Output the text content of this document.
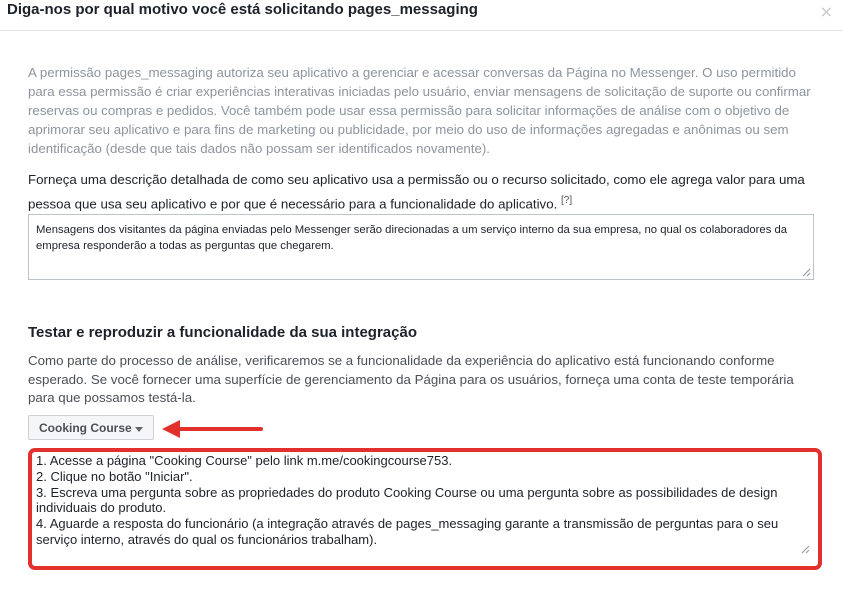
Diga-nos por qual motivo você está solicitando pages_messaging	×
A permissão pages_messaging autoriza seu aplicativo a gerenciar e acessar conversas da Página no Messenger. O uso permitido para essa permissão é criar experiências interativas iniciadas pelo usuário, enviar mensagens de solicitação de suporte ou confirmar reservas ou compras e pedidos. Você também pode usar essa permissão para solicitar informações de análise com o objetivo de aprimorar seu aplicativo e para fins de marketing ou publicidade, por meio do uso de informações agregadas e anônimas ou sem identificação (desde que tais dados não possam ser identificados novamente).
Forneça uma descrição detalhada de como seu aplicativo usa a permissão ou o recurso solicitado, como ele agrega valor para uma pessoa que usa seu aplicativo e por que é necessário para a funcionalidade do aplicativo. [?]
Mensagens dos visitantes da página enviadas pelo Messenger serão direcionadas a um serviço interno da sua empresa, no qual os colaboradores da empresa responderão a todas as perguntas que chegarem.
Testar e reproduzir a funcionalidade da sua integração
Como parte do processo de análise, verificaremos se a funcionalidade da experiência do aplicativo está funcionando conforme esperado. Se você fornecer uma superfície de gerenciamento da Página para os usuários, forneça uma conta de teste temporária para que possamos testá-la.
Cooking Course
1. Acesse a página "Cooking Course" pelo link m.me/cookingcourse753.
2. Clique no botão "Iniciar".
3. Escreva uma pergunta sobre as propriedades do produto Cooking Course ou uma pergunta sobre as possibilidades de design individuais do produto.
4. Aguarde a resposta do funcionário (a integração através de pages_messaging garante a transmissão de perguntas para o seu serviço interno, através do qual os funcionários trabalham).
